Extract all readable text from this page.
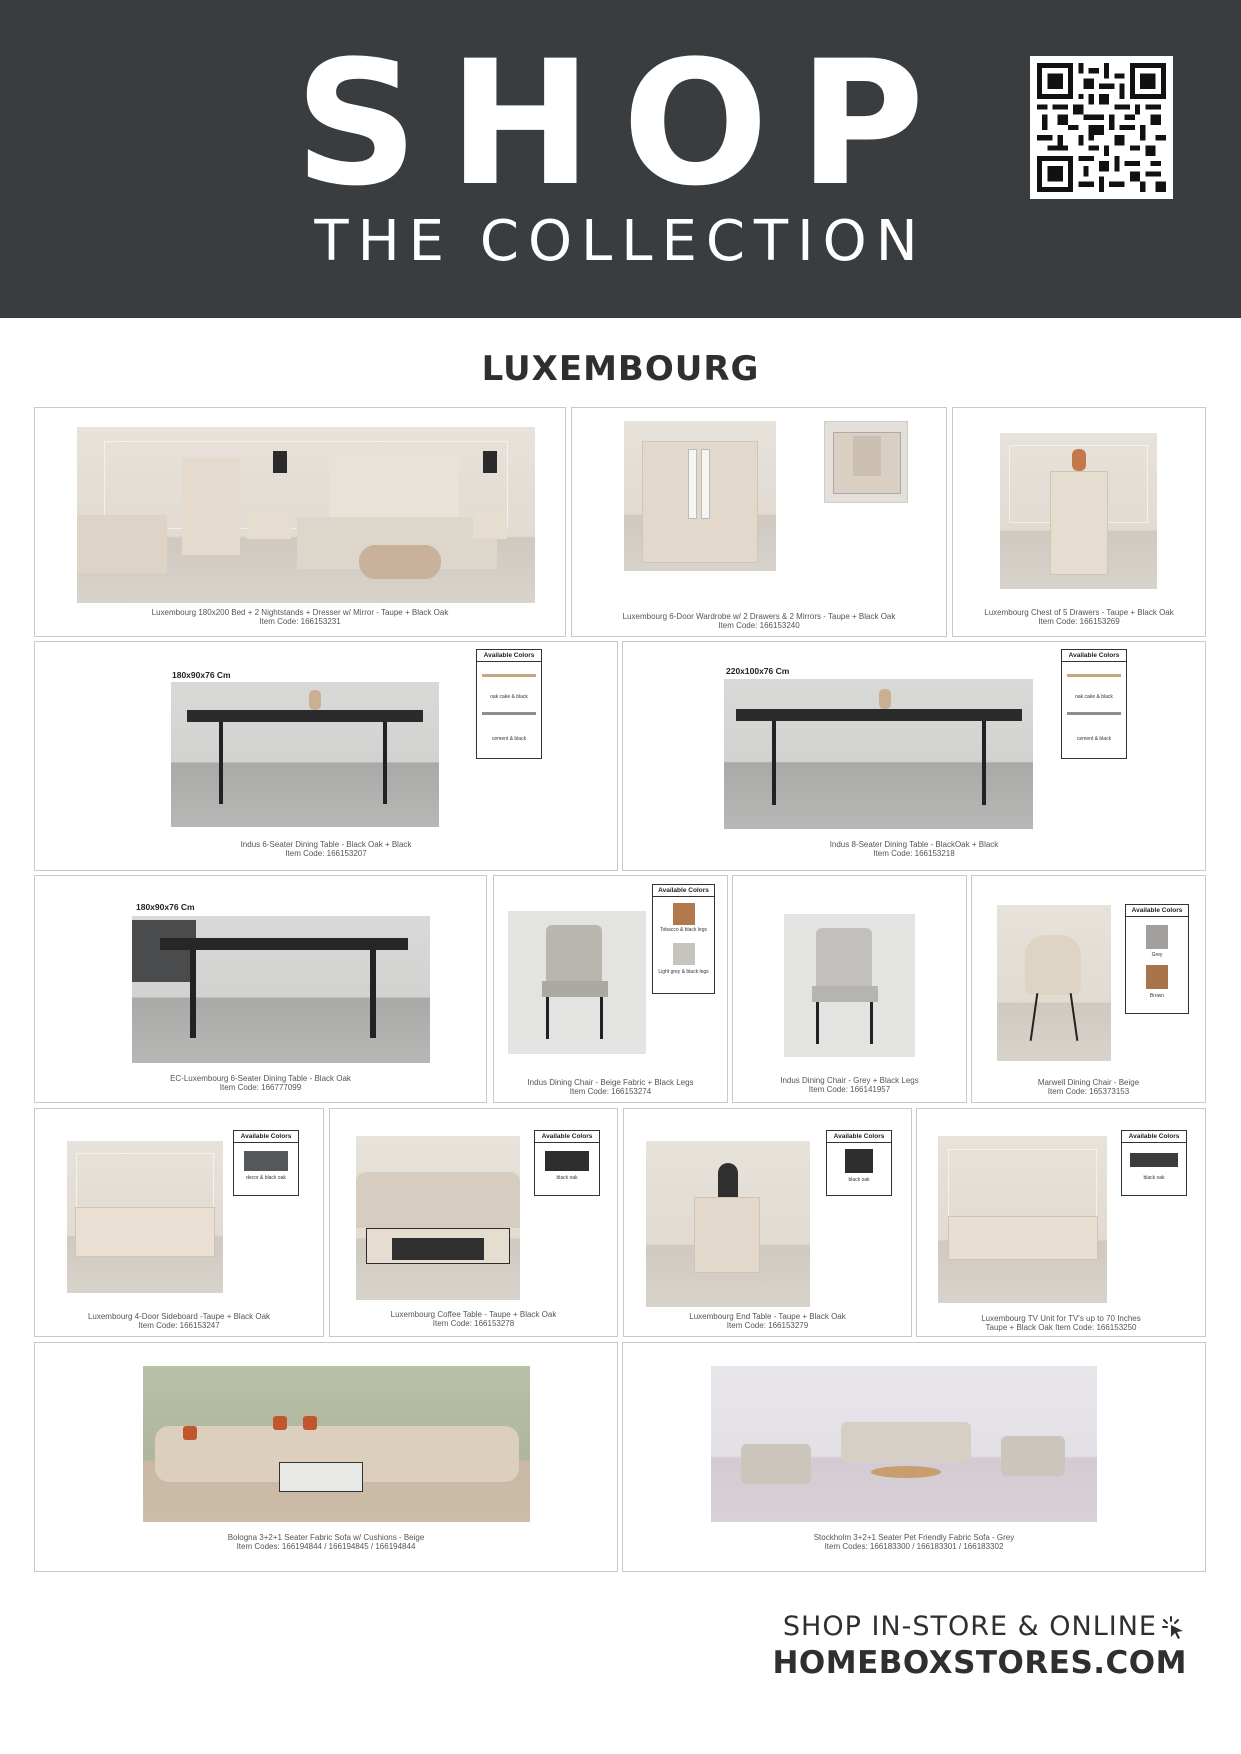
SHOP
THE COLLECTION
LUXEMBOURG
Luxembourg 180x200 Bed + 2 Nightstands + Dresser w/ Mirror - Taupe + Black Oak
Item Code: 166153231
Luxembourg 6-Door Wardrobe w/ 2 Drawers & 2 Mirrors - Taupe + Black Oak
Item Code: 166153240
Luxembourg Chest of 5 Drawers - Taupe + Black Oak
Item Code: 166153269
180x90x76 Cm
Available Colors
oak cake & black
cement & black
Indus 6-Seater Dining Table - Black Oak + Black
Item Code: 166153207
220x100x76 Cm
Available Colors
oak cake & black
cement & black
Indus 8-Seater Dining Table - BlackOak + Black
Item Code: 166153218
180x90x76 Cm
EC-Luxembourg 6-Seater Dining Table - Black Oak
Item Code: 166777099
Available Colors
Tobacco & black legs
Light grey & black legs
Indus Dining Chair - Beige Fabric + Black Legs
Item Code: 166153274
Indus Dining Chair - Grey + Black Legs
Item Code: 166141957
Available Colors
Grey
Brown
Marwell Dining Chair - Beige
Item Code: 165373153
Available Colors
decor & black oak
Luxembourg 4-Door Sideboard -Taupe + Black Oak
Item Code: 166153247
Available Colors
black oak
Luxembourg Coffee Table - Taupe + Black Oak
Item Code: 166153278
Available Colors
black oak
Luxembourg End Table - Taupe + Black Oak
Item Code: 166153279
Available Colors
black oak
Luxembourg TV Unit for TV's up to 70 Inches
Taupe + Black Oak Item Code: 166153250
Bologna 3+2+1 Seater Fabric Sofa w/ Cushions - Beige
Item Codes: 166194844 / 166194845 / 166194844
Stockholm 3+2+1 Seater Pet Friendly Fabric Sofa - Grey
Item Codes: 166183300 / 166183301 / 166183302
SHOP IN-STORE & ONLINE
HOMEBOXSTORES.COM
